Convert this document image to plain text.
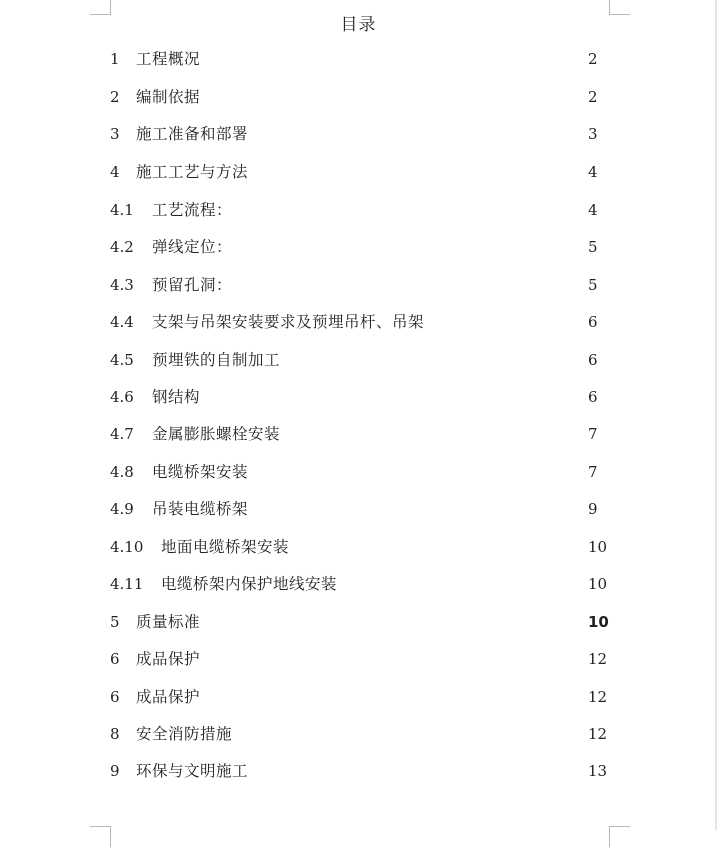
目录
1 工程概况	2
2 编制依据	2
3 施工准备和部署	3
4 施工工艺与方法	4
4.1 工艺流程：	4
4.2 弹线定位：	5
4.3 预留孔洞：	5
4.4 支架与吊架安装要求及预埋吊杆、吊架	6
4.5 预埋铁的自制加工	6
4.6 钢结构	6
4.7 金属膨胀螺栓安装	7
4.8 电缆桥架安装	7
4.9 吊装电缆桥架	9
4.10 地面电缆桥架安装	10
4.11 电缆桥架内保护地线安装	10
5 质量标准	10
6 成品保护	12
6 成品保护	12
8 安全消防措施	12
9 环保与文明施工	13
